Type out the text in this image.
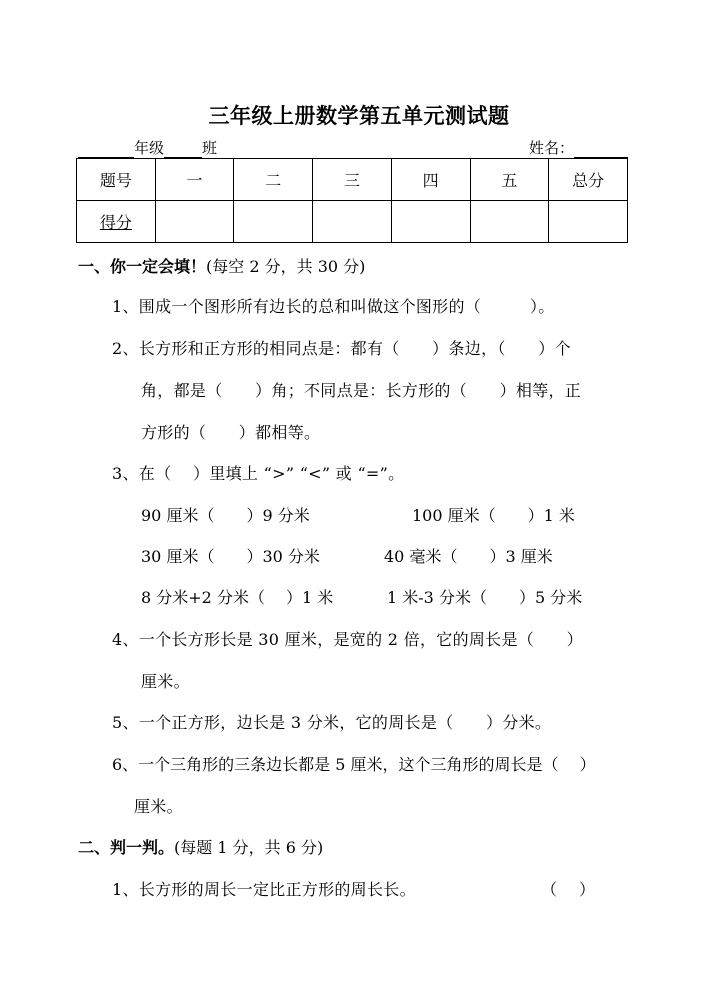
三年级上册数学第五单元测试题
年级	班	姓名：
题号	一	二	三	四	五	总分
得分						
一、你一定会填！(每空 2 分，共 30 分)
1、围成一个图形所有边长的总和叫做这个图形的（　　　）。
2、长方形和正方形的相同点是：都有（　　）条边，（　　）个
角，都是（　　）角；不同点是：长方形的（　　）相等，正
方形的（　　）都相等。
3、在（　 ）里填上 “>” “<” 或 “=”。
90 厘米（　　）9 分米	100 厘米（　　）1 米
30 厘米（　　）30 分米	40 毫米（　　）3 厘米
8 分米+2 分米（　 ）1 米	1 米-3 分米（　　）5 分米
4、一个长方形长是 30 厘米，是宽的 2 倍，它的周长是（　　）
厘米。
5、一个正方形，边长是 3 分米，它的周长是（　　）分米。
6、一个三角形的三条边长都是 5 厘米，这个三角形的周长是（　 ）
厘米。
二、判一判。(每题 1 分，共 6 分)
1、长方形的周长一定比正方形的周长长。	（　 ）
